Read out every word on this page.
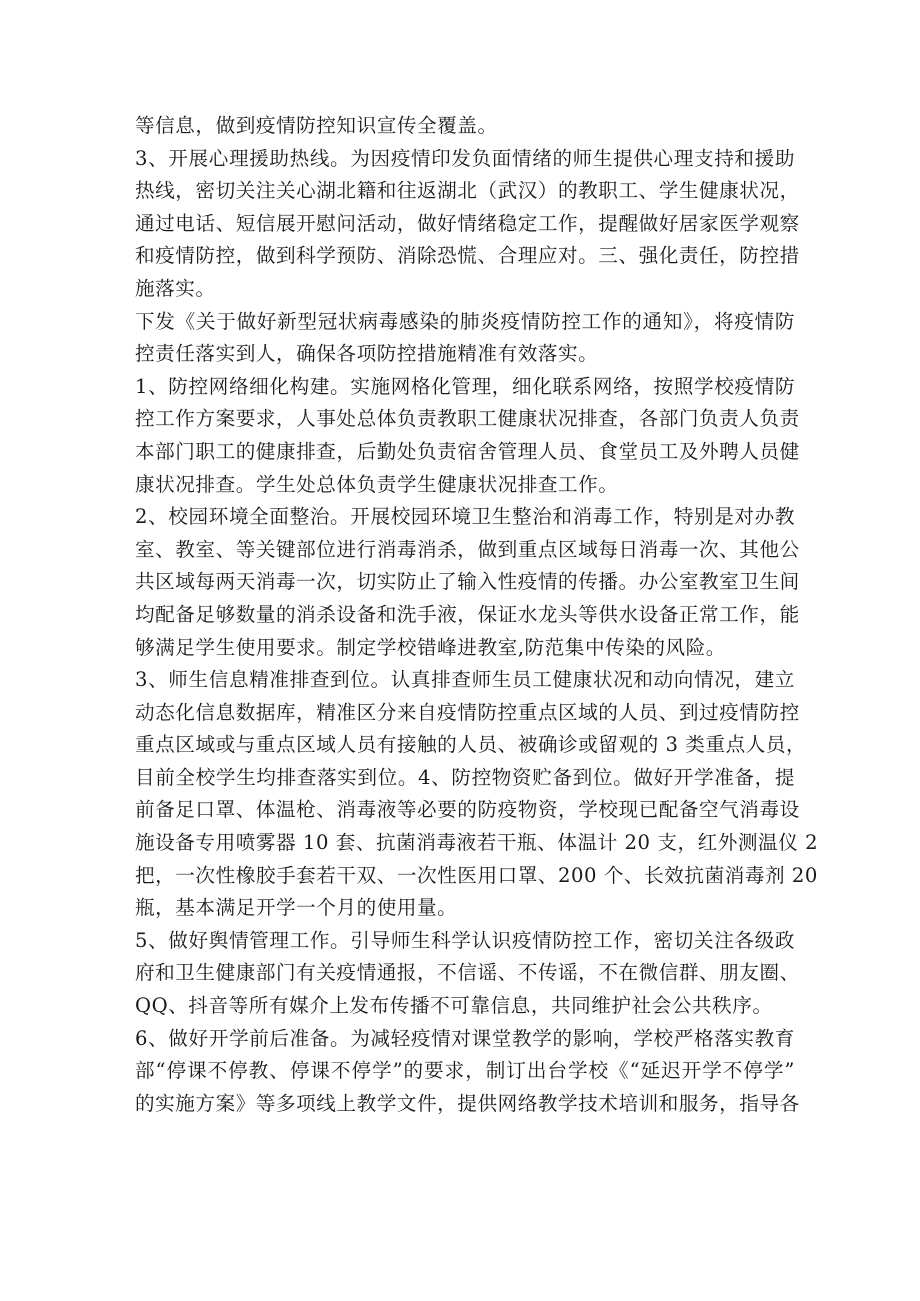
等信息，做到疫情防控知识宣传全覆盖。
3、开展心理援助热线。为因疫情印发负面情绪的师生提供心理支持和援助
热线，密切关注关心湖北籍和往返湖北（武汉）的教职工、学生健康状况，
通过电话、短信展开慰问活动，做好情绪稳定工作，提醒做好居家医学观察
和疫情防控，做到科学预防、消除恐慌、合理应对。三、强化责任，防控措
施落实。
下发《关于做好新型冠状病毒感染的肺炎疫情防控工作的通知》，将疫情防
控责任落实到人，确保各项防控措施精准有效落实。
1、防控网络细化构建。实施网格化管理，细化联系网络，按照学校疫情防
控工作方案要求，人事处总体负责教职工健康状况排查，各部门负责人负责
本部门职工的健康排查，后勤处负责宿舍管理人员、食堂员工及外聘人员健
康状况排查。学生处总体负责学生健康状况排查工作。
2、校园环境全面整治。开展校园环境卫生整治和消毒工作，特别是对办教
室、教室、等关键部位进行消毒消杀，做到重点区域每日消毒一次、其他公
共区域每两天消毒一次，切实防止了输入性疫情的传播。办公室教室卫生间
均配备足够数量的消杀设备和洗手液，保证水龙头等供水设备正常工作，能
够满足学生使用要求。制定学校错峰进教室,防范集中传染的风险。
3、师生信息精准排查到位。认真排查师生员工健康状况和动向情况，建立
动态化信息数据库，精准区分来自疫情防控重点区域的人员、到过疫情防控
重点区域或与重点区域人员有接触的人员、被确诊或留观的 3 类重点人员，
目前全校学生均排查落实到位。4、防控物资贮备到位。做好开学准备，提
前备足口罩、体温枪、消毒液等必要的防疫物资，学校现已配备空气消毒设
施设备专用喷雾器 10 套、抗菌消毒液若干瓶、体温计 20 支，红外测温仪 2
把，一次性橡胶手套若干双、一次性医用口罩、200 个、长效抗菌消毒剂 20
瓶，基本满足开学一个月的使用量。
5、做好舆情管理工作。引导师生科学认识疫情防控工作，密切关注各级政
府和卫生健康部门有关疫情通报，不信谣、不传谣，不在微信群、朋友圈、
QQ、抖音等所有媒介上发布传播不可靠信息，共同维护社会公共秩序。
6、做好开学前后准备。为减轻疫情对课堂教学的影响，学校严格落实教育
部“停课不停教、停课不停学”的要求，制订出台学校《“延迟开学不停学”
的实施方案》等多项线上教学文件，提供网络教学技术培训和服务，指导各
